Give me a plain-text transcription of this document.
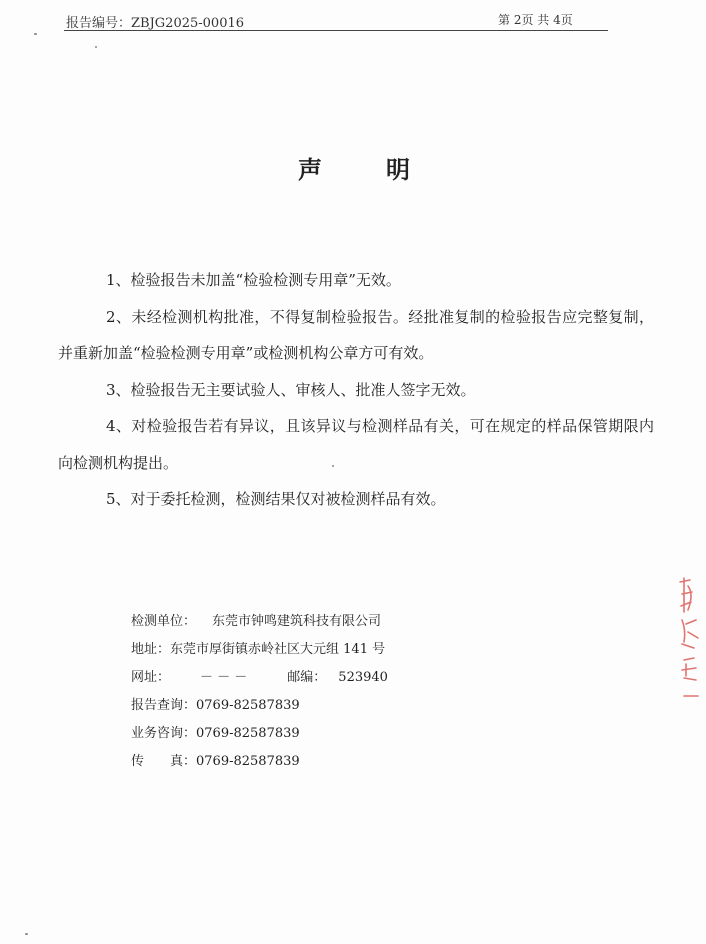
报告编号：ZBJG2025-00016	第 2页 共 4页
声明

1、检验报告未加盖“检验检测专用章”无效。

2、未经检测机构批准，不得复制检验报告。经批准复制的检验报告应完整复制，并重新加盖“检验检测专用章”或检测机构公章方可有效。

3、检验报告无主要试验人、审核人、批准人签字无效。

4、对检验报告若有异议，且该异议与检测样品有关，可在规定的样品保管期限内向检测机构提出。

5、对于委托检测，检测结果仅对被检测样品有效。

检测单位： 东莞市钟鸣建筑科技有限公司
地址： 东莞市厚街镇赤岭社区大元组 141 号
网址： － － －	邮编： 523940
报告查询： 0769-82587839
业务咨询： 0769-82587839
传　　真： 0769-82587839
